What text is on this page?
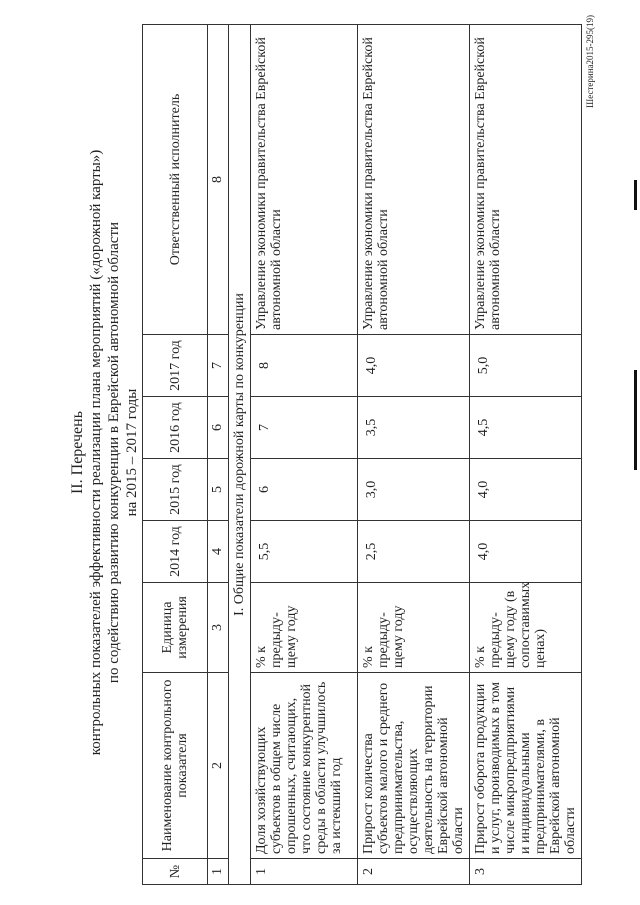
II. Перечень контрольных показателей эффективности реализации плана мероприятий («дорожной карты») по содействию развитию конкуренции в Еврейской автономной области на 2015 – 2017 годы
№	Наименование контрольного показателя	Единица измерения	2014 год	2015 год	2016 год	2017 год	Ответственный исполнитель
1	2	3	4	5	6	7	8
I. Общие показатели дорожной карты по конкуренции							
1	Доля хозяйствующих субъектов в общем числе опрошенных, считающих, что состояние конкурентной среды в области улучшилось за истекший год	% к предыду-щему году	5,5	6	7	8	Управление экономики правительства Еврейской автономной области
2	Прирост количества субъектов малого и среднего предпринимательства, осуществляющих деятельность на территории Еврейской автономной области	% к предыду-щему году	2,5	3,0	3,5	4,0	Управление экономики правительства Еврейской автономной области
3	Прирост оборота продукции и услуг, производимых в том числе микропредприятиями и индивидуальными предпринимателями, в Еврейской автономной области	% к предыду-щему году (в сопоставимых ценах)	4,0	4,0	4,5	5,0	Управление экономики правительства Еврейской автономной области
Шестерина2015-295(19)
